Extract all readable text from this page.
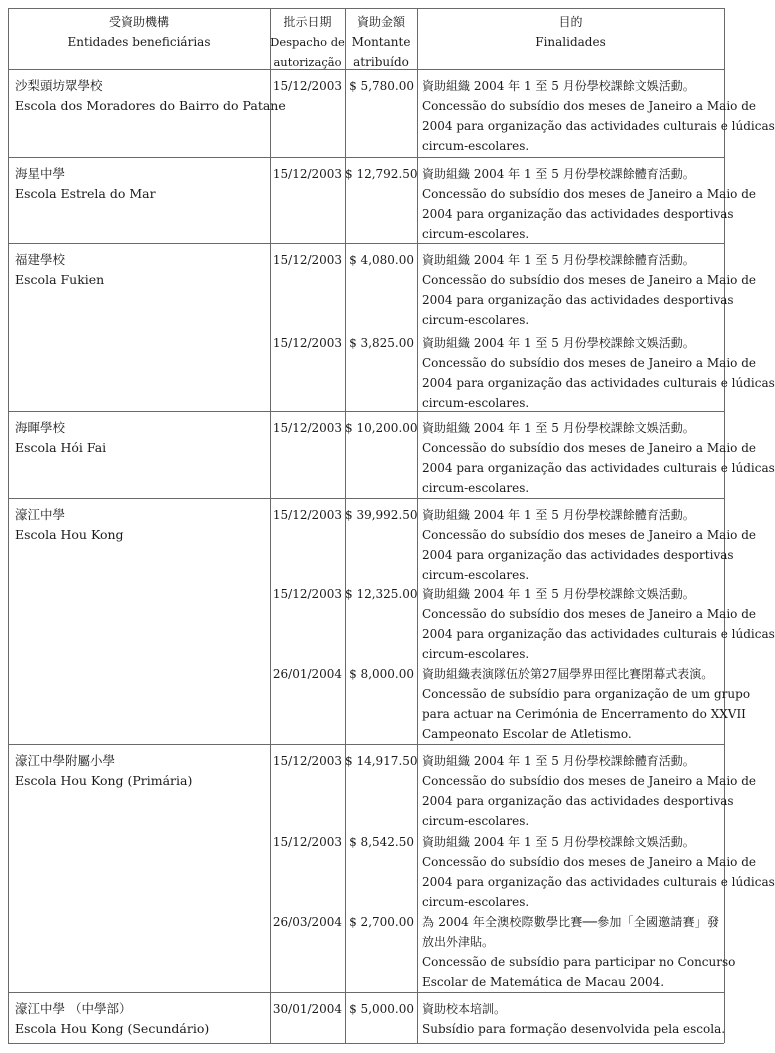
受資助機構
Entidades beneficiárias
批示日期
Despacho de
autorização
資助金額
Montante
atribuído
目的
Finalidades
沙梨頭坊眾學校
Escola dos Moradores do Bairro do Patane
海星中學
Escola Estrela do Mar
福建學校
Escola Fukien
海暉學校
Escola Hói Fai
濠江中學
Escola Hou Kong
濠江中學附屬小學
Escola Hou Kong (Primária)
濠江中學 （中學部）
Escola Hou Kong (Secundário)
15/12/2003 $ 5,780.00 資助組織 2004 年 1 至 5 月份學校課餘文娛活動。
Concessão do subsídio dos meses de Janeiro a Maio de
2004 para organização das actividades culturais e lúdicas
circum-escolares.
15/12/2003 $ 12,792.50 資助組織 2004 年 1 至 5 月份學校課餘體育活動。
Concessão do subsídio dos meses de Janeiro a Maio de
2004 para organização das actividades desportivas
circum-escolares.
15/12/2003 $ 4,080.00 資助組織 2004 年 1 至 5 月份學校課餘體育活動。
Concessão do subsídio dos meses de Janeiro a Maio de
2004 para organização das actividades desportivas
circum-escolares.
15/12/2003 $ 3,825.00 資助組織 2004 年 1 至 5 月份學校課餘文娛活動。
Concessão do subsídio dos meses de Janeiro a Maio de
2004 para organização das actividades culturais e lúdicas
circum-escolares.
15/12/2003 $ 10,200.00 資助組織 2004 年 1 至 5 月份學校課餘文娛活動。
Concessão do subsídio dos meses de Janeiro a Maio de
2004 para organização das actividades culturais e lúdicas
circum-escolares.
15/12/2003 $ 39,992.50 資助組織 2004 年 1 至 5 月份學校課餘體育活動。
Concessão do subsídio dos meses de Janeiro a Maio de
2004 para organização das actividades desportivas
circum-escolares.
15/12/2003 $ 12,325.00 資助組織 2004 年 1 至 5 月份學校課餘文娛活動。
Concessão do subsídio dos meses de Janeiro a Maio de
2004 para organização das actividades culturais e lúdicas
circum-escolares.
26/01/2004 $ 8,000.00 資助組織表演隊伍於第27屆學界田徑比賽閉幕式表演。
Concessão de subsídio para organização de um grupo
para actuar na Cerimónia de Encerramento do XXVII
Campeonato Escolar de Atletismo.
15/12/2003 $ 14,917.50 資助組織 2004 年 1 至 5 月份學校課餘體育活動。
Concessão do subsídio dos meses de Janeiro a Maio de
2004 para organização das actividades desportivas
circum-escolares.
15/12/2003 $ 8,542.50 資助組織 2004 年 1 至 5 月份學校課餘文娛活動。
Concessão do subsídio dos meses de Janeiro a Maio de
2004 para organização das actividades culturais e lúdicas
circum-escolares.
26/03/2004 $ 2,700.00 為 2004 年全澳校際數學比賽──參加「全國邀請賽」發
放出外津貼。
Concessão de subsídio para participar no Concurso
Escolar de Matemática de Macau 2004.
30/01/2004 $ 5,000.00 資助校本培訓。
Subsídio para formação desenvolvida pela escola.
